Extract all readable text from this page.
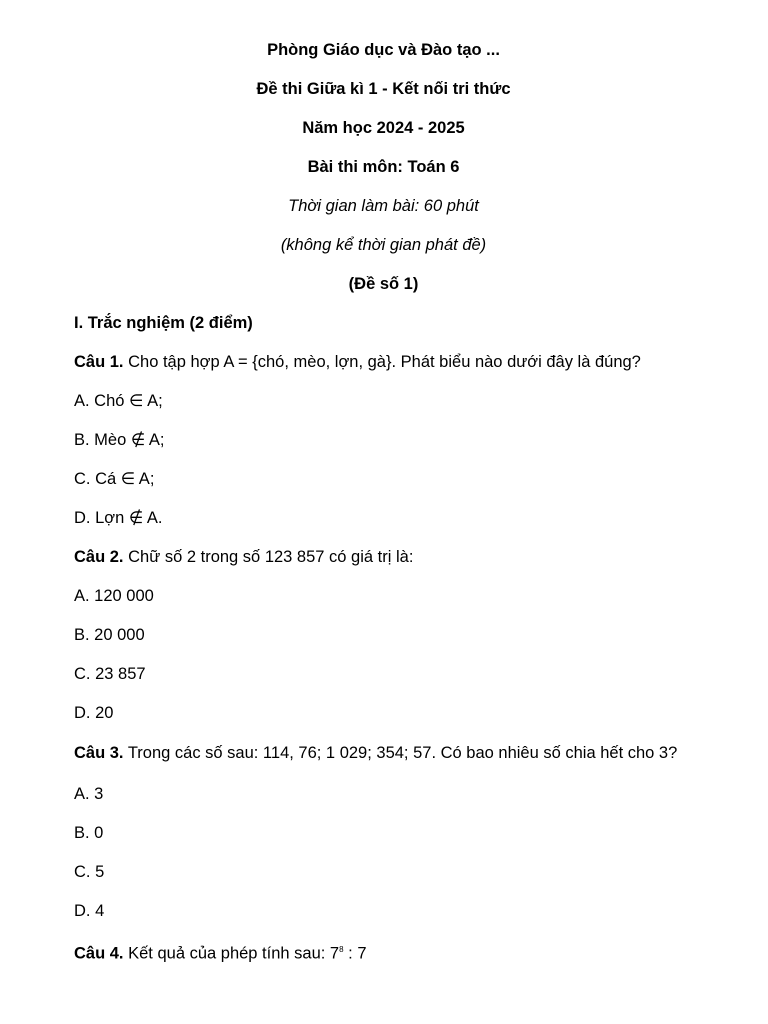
Phòng Giáo dục và Đào tạo ...

Đề thi Giữa kì 1 - Kết nối tri thức

Năm học 2024 - 2025

Bài thi môn: Toán 6

Thời gian làm bài: 60 phút

(không kể thời gian phát đề)

(Đề số 1)

I. Trắc nghiệm (2 điểm)

Câu 1. Cho tập hợp A = {chó, mèo, lợn, gà}. Phát biểu nào dưới đây là đúng?

A. Chó ∈ A;

B. Mèo ∉ A;

C. Cá ∈ A;

D. Lợn ∉ A.

Câu 2. Chữ số 2 trong số 123 857 có giá trị là:

A. 120 000

B. 20 000

C. 23 857

D. 20

Câu 3. Trong các số sau: 114, 76; 1 029; 354; 57. Có bao nhiêu số chia hết cho 3?

A. 3

B. 0

C. 5

D. 4

Câu 4. Kết quả của phép tính sau: $7^8$ : 7
